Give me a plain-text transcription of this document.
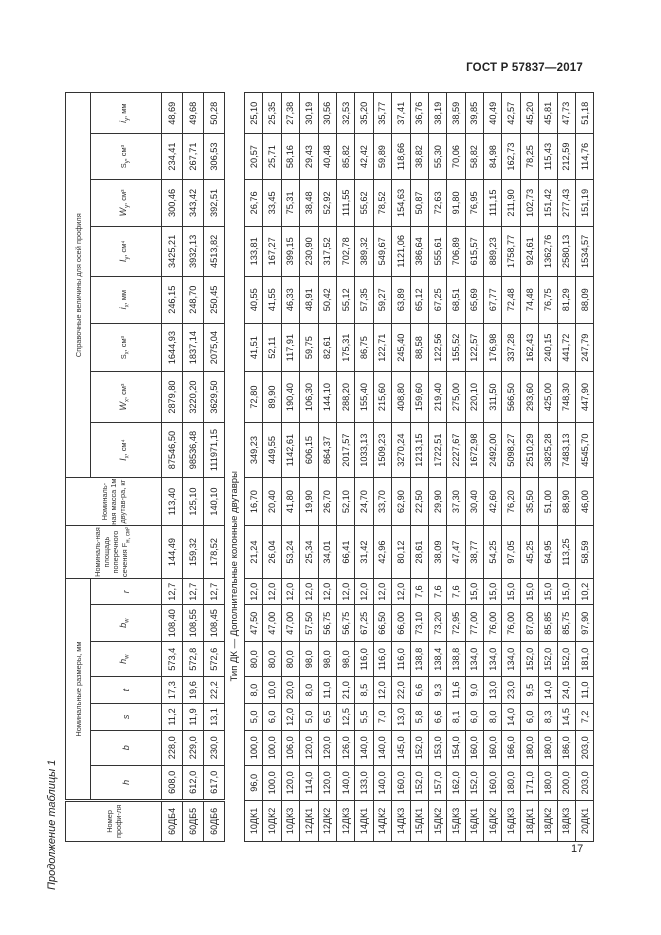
ГОСТ Р 57837—2017
Продолжение таблицы 1	17
Номер профи-ля	Номинальные размеры, мм							Номиналь-ная площадь поперечного сечения $F_{н, см^2}$	Номиналь-ная масса 1м двутав-ра, кг	Справочные величины для осей профиля							
	h	b	s	t	$h_w$	$b_w$	r			$I_x$, см⁴	$W_x$, см³	$S_x$, см³	$i_x$, мм	$I_y$, см⁴	$W_y$, см³	$S_y$, см³	$i_y$, мм
60ДБ4	608,0	228,0	11,2	17,3	573,4	108,40	12,7	144,49	113,40	87546,50	2879,80	1644,93	246,15	3425,21	300,46	234,41	48,69
60ДБ5	612,0	229,0	11,9	19,6	572,8	108,55	12,7	159,32	125,10	98536,48	3220,20	1837,14	248,70	3932,13	343,42	267,71	49,68
60ДБ6	617,0	230,0	13,1	22,2	572,6	108,45	12,7	178,52	140,10	111971,15	3629,50	2075,04	250,45	4513,82	392,51	306,53	50,28
Тип ДК — Дополнительные колонные двутавры																	
10ДК1	96,0	100,0	5,0	8,0	80,0	47,50	12,0	21,24	16,70	349,23	72,80	41,51	40,55	133,81	26,76	20,57	25,10
10ДК2	100,0	100,0	6,0	10,0	80,0	47,00	12,0	26,04	20,40	449,55	89,90	52,11	41,55	167,27	33,45	25,71	25,35
10ДК3	120,0	106,0	12,0	20,0	80,0	47,00	12,0	53,24	41,80	1142,61	190,40	117,91	46,33	399,15	75,31	58,16	27,38
12ДК1	114,0	120,0	5,0	8,0	98,0	57,50	12,0	25,34	19,90	606,15	106,30	59,75	48,91	230,90	38,48	29,43	30,19
12ДК2	120,0	120,0	6,5	11,0	98,0	56,75	12,0	34,01	26,70	864,37	144,10	82,61	50,42	317,52	52,92	40,48	30,56
12ДК3	140,0	126,0	12,5	21,0	98,0	56,75	12,0	66,41	52,10	2017,57	288,20	175,31	55,12	702,78	111,55	85,82	32,53
14ДК1	133,0	140,0	5,5	8,5	116,0	67,25	12,0	31,42	24,70	1033,13	155,40	86,75	57,35	389,32	55,62	42,42	35,20
14ДК2	140,0	140,0	7,0	12,0	116,0	66,50	12,0	42,96	33,70	1509,23	215,60	122,71	59,27	549,67	78,52	59,89	35,77
14ДК3	160,0	145,0	13,0	22,0	116,0	66,00	12,0	80,12	62,90	3270,24	408,80	245,40	63,89	1121,06	154,63	118,66	37,41
15ДК1	152,0	152,0	5,8	6,6	138,8	73,10	7,6	28,61	22,50	1213,15	159,60	88,58	65,12	386,64	50,87	38,82	36,76
15ДК2	157,0	153,0	6,6	9,3	138,4	73,20	7,6	38,09	29,90	1722,51	219,40	122,56	67,25	555,61	72,63	55,30	38,19
15ДК3	162,0	154,0	8,1	11,6	138,8	72,95	7,6	47,47	37,30	2227,67	275,00	155,52	68,51	706,89	91,80	70,06	38,59
16ДК1	152,0	160,0	6,0	9,0	134,0	77,00	15,0	38,77	30,40	1672,98	220,10	122,57	65,69	615,57	76,95	58,82	39,85
16ДК2	160,0	160,0	8,0	13,0	134,0	76,00	15,0	54,25	42,60	2492,00	311,50	176,98	67,77	889,23	111,15	84,98	40,49
16ДК3	180,0	166,0	14,0	23,0	134,0	76,00	15,0	97,05	76,20	5098,27	566,50	337,28	72,48	1758,77	211,90	162,73	42,57
18ДК1	171,0	180,0	6,0	9,5	152,0	87,00	15,0	45,25	35,50	2510,29	293,60	162,43	74,48	924,61	102,73	78,25	45,20
18ДК2	180,0	180,0	8,3	14,0	152,0	85,85	15,0	64,95	51,00	3825,28	425,00	240,15	76,75	1362,76	151,42	115,43	45,81
18ДК3	200,0	186,0	14,5	24,0	152,0	85,75	15,0	113,25	88,90	7483,13	748,30	441,72	81,29	2580,13	277,43	212,59	47,73
20ДК1	203,0	203,0	7,2	11,0	181,0	97,90	10,2	58,59	46,00	4545,70	447,90	247,79	88,09	1534,57	151,19	114,76	51,18
